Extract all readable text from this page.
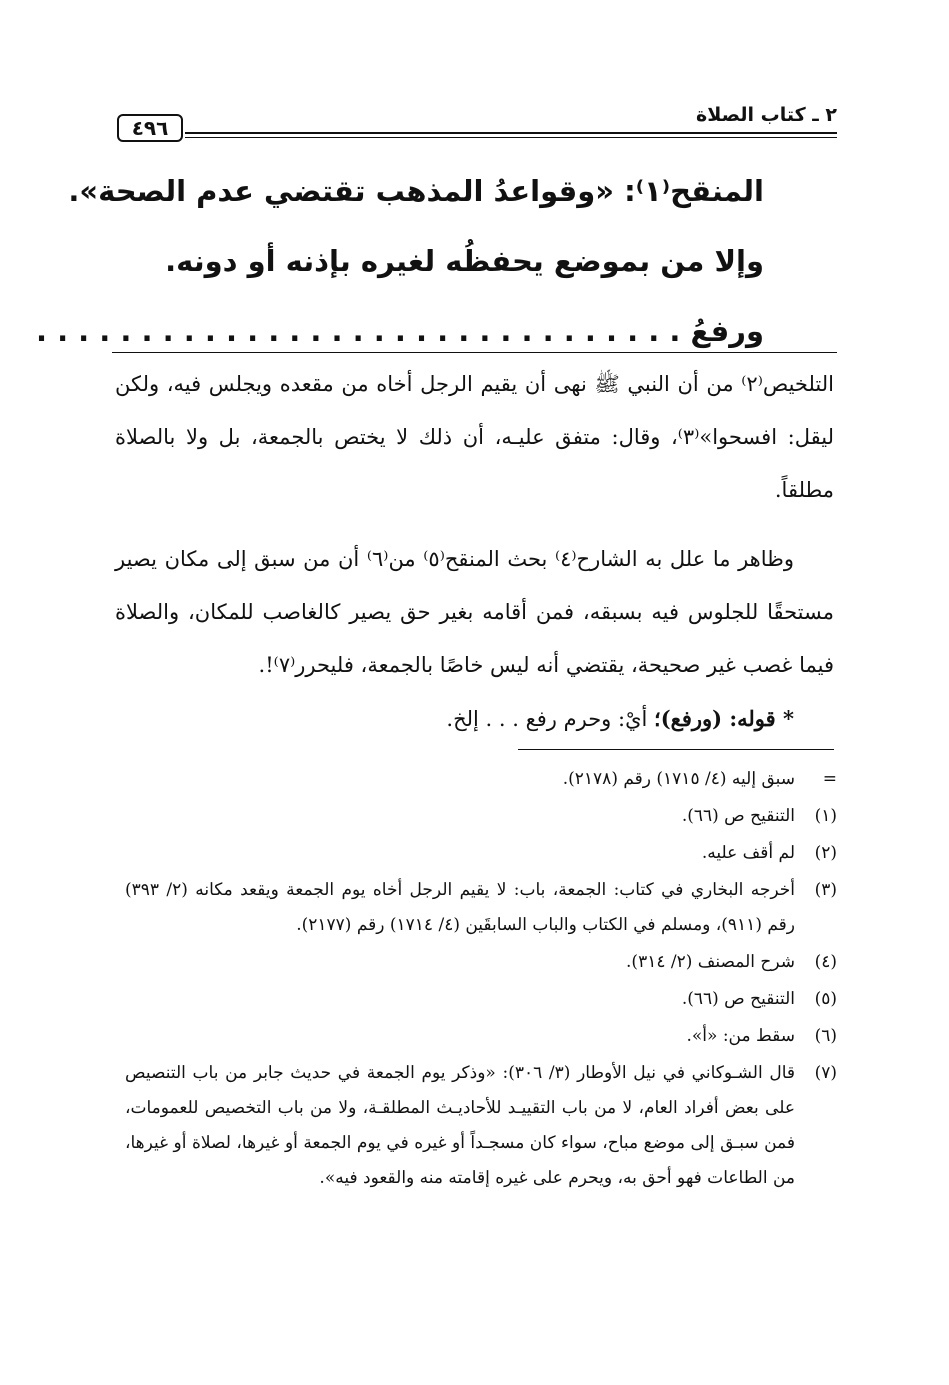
٤٩٦
٢ ـ كتاب الصلاة
المنقح⁽١⁾: «وقواعدُ المذهب تقتضي عدم الصحة».
وإلا من بموضع يحفظُه لغيره بإذنه أو دونه.
ورفعُ . . . . . . . . . . . . . . . . . . . . . . . . . . . . . . .

التلخيص⁽٢⁾ من أن النبي ﷺ نهى أن يقيم الرجل أخاه من مقعده ويجلس فيه، ولكن ليقل: افسحوا»⁽٣⁾، وقال: متفق عليـه، أن ذلك لا يختص بالجمعة، بل ولا بالصلاة مطلقاً.

وظاهر ما علل به الشارح⁽٤⁾ بحث المنقح⁽٥⁾ من⁽٦⁾ أن من سبق إلى مكان يصير مستحقًا للجلوس فيه بسبقه، فمن أقامه بغير حق يصير كالغاصب للمكان، والصلاة فيما غصب غير صحيحة، يقتضي أنه ليس خاصًا بالجمعة، فليحرر⁽٧⁾!.

* قوله: (ورفع)؛ أيْ: وحرم رفع . . . إلخ.

=
سبق إليه (٤/ ١٧١٥) رقم (٢١٧٨).
(١)
التنقيح ص (٦٦).
(٢)
لم أقف عليه.
(٣)
أخرجه البخاري في كتاب: الجمعة، باب: لا يقيم الرجل أخاه يوم الجمعة ويقعد مكانه (٢/ ٣٩٣) رقم (٩١١)، ومسلم في الكتاب والباب السابقَين (٤/ ١٧١٤) رقم (٢١٧٧).
(٤)
شرح المصنف (٢/ ٣١٤).
(٥)
التنقيح ص (٦٦).
(٦)
سقط من: «أ».
(٧)
قال الشـوكاني في نيل الأوطار (٣/ ٣٠٦): «وذكر يوم الجمعة في حديث جابر من باب التنصيص على بعض أفراد العام، لا من باب التقييـد للأحاديـث المطلقـة، ولا من باب التخصيص للعمومات، فمن سبـق إلى موضع مباح، سواء كان مسجـداً أو غيره في يوم الجمعة أو غيرها، لصلاة أو غيرها، من الطاعات فهو أحق به، ويحرم على غيره إقامته منه والقعود فيه».
